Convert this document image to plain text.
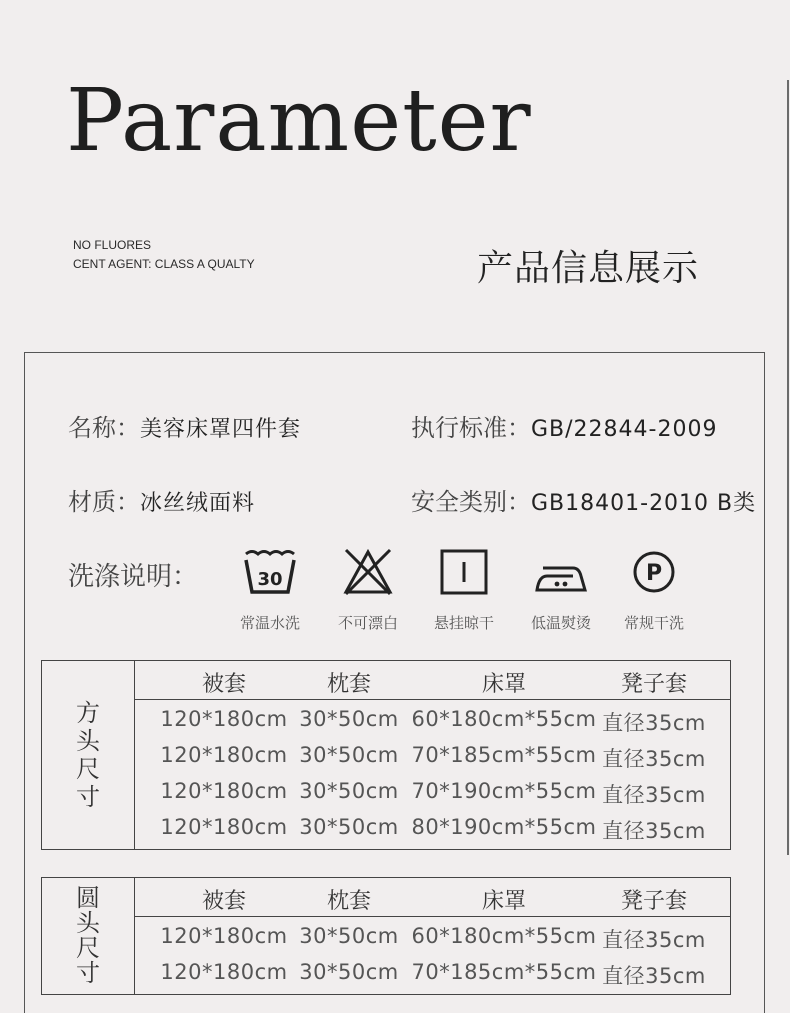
Parameter
NO FLUORES
CENT AGENT: CLASS A QUALTY	产品信息展示
名称：美容床罩四件套	执行标准：GB/22844-2009
材质：冰丝绒面料	安全类别：GB18401-2010 B类
洗涤说明：	30
常温水洗	不可漂白	悬挂晾干	低温熨烫
P
常规干洗
方
头
尺
寸
被套	枕套	床罩	凳子套
120*180cm 30*50cm 60*180cm*55cm 直径35cm
120*180cm 30*50cm 70*185cm*55cm 直径35cm
120*180cm 30*50cm 70*190cm*55cm 直径35cm
120*180cm 30*50cm 80*190cm*55cm 直径35cm
圆
头
尺
寸
被套	枕套	床罩	凳子套
120*180cm 30*50cm 60*180cm*55cm 直径35cm
120*180cm 30*50cm 70*185cm*55cm 直径35cm
